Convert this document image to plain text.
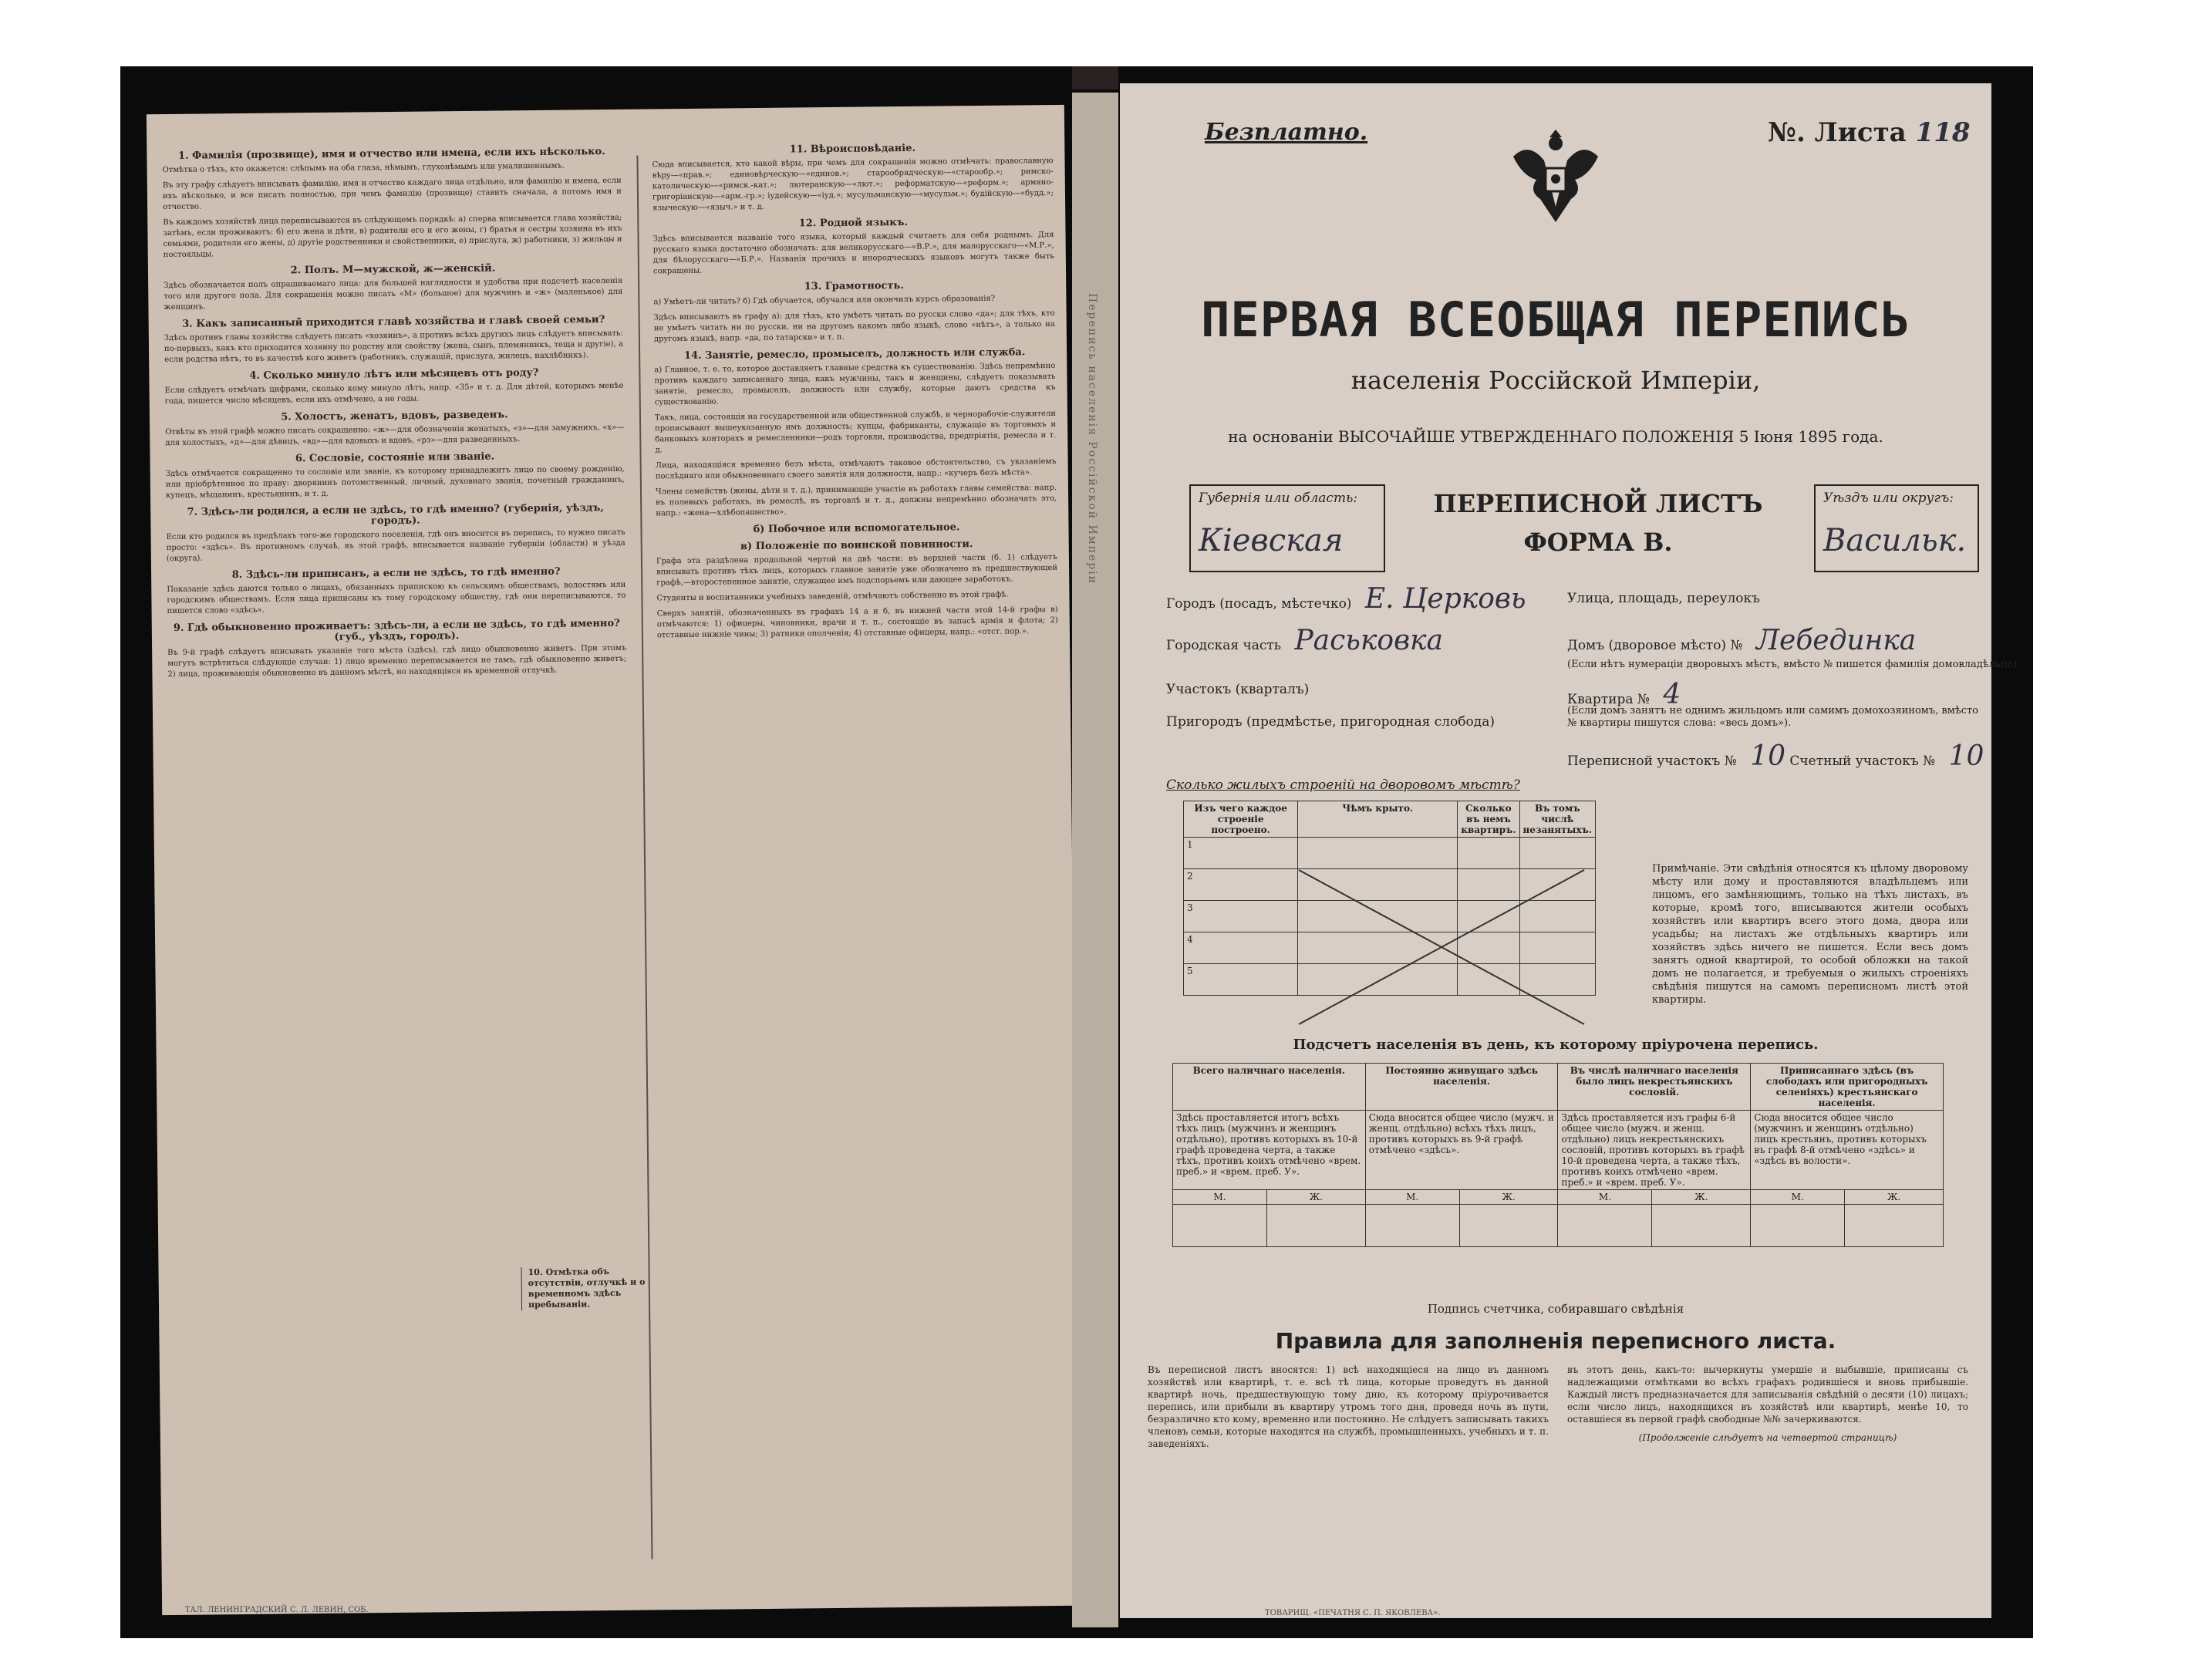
1. Фамилія (прозвище), имя и отчество или имена, если ихъ нѣсколько.

Отмѣтка о тѣхъ, кто окажется: слѣпымъ на оба глаза, нѣмымъ, глухонѣмымъ или умалишеннымъ.

Въ эту графу слѣдуетъ вписывать фамилію, имя и отчество каждаго лица отдѣльно, или фамилію и имена, если ихъ нѣсколько, и все писать полностью, при чемъ фамилію (прозвище) ставить сначала, а потомъ имя и отчество.

Въ каждомъ хозяйствѣ лица переписываются въ слѣдующемъ порядкѣ: а) сперва вписывается глава хозяйства; затѣмъ, если проживаютъ: б) его жена и дѣти, в) родители его и его жены, г) братья и сестры хозяина въ ихъ семьями, родители его жены, д) другіе родственники и свойственники, е) прислуга, ж) работники, з) жильцы и постояльцы.

2. Полъ. М—мужской, ж—женскій.

Здѣсь обозначается полъ опрашиваемаго лица: для большей наглядности и удобства при подсчетѣ населенія того или другого пола. Для сокращенія можно писать «М» (большое) для мужчинъ и «ж» (маленькое) для женщинъ.

3. Какъ записанный приходится главѣ хозяйства и главѣ своей семьи?

Здѣсь противъ главы хозяйства слѣдуетъ писать «хозяинъ», а противъ всѣхъ другихъ лицъ слѣдуетъ вписывать: по-первыхъ, какъ кто приходится хозяину по родству или свойству (жена, сынъ, племянникъ, теща и другіе), а если родства нѣтъ, то въ качествѣ кого живетъ (работникъ, служащій, прислуга, жилецъ, нахлѣбникъ).

4. Сколько минуло лѣтъ или мѣсяцевъ отъ роду?

Если слѣдуетъ отмѣчать цифрами, сколько кому минуло лѣтъ, напр. «35» и т. д. Для дѣтей, которымъ менѣе года, пишется число мѣсяцевъ, если ихъ отмѣчено, а не годы.

5. Холостъ, женатъ, вдовъ, разведенъ.

Отвѣты въ этой графѣ можно писать сокращенно: «ж»—для обозначенія женатыхъ, «з»—для замужнихъ, «х»—для холостыхъ, «д»—для дѣвицъ, «вд»—для вдовыхъ и вдовъ, «рз»—для разведенныхъ.

6. Сословіе, состояніе или званіе.

Здѣсь отмѣчается сокращенно то сословіе или званіе, къ которому принадлежитъ лицо по своему рожденію, или пріобрѣтенное по праву: дворянинъ потомственный, личный, духовнаго званія, почетный гражданинъ, купецъ, мѣщанинъ, крестьянинъ, и т. д.

7. Здѣсь-ли родился, а если не здѣсь, то гдѣ именно? (губернія, уѣздъ, городъ).

Если кто родился въ предѣлахъ того-же городского поселенія, гдѣ онъ вносится въ перепись, то нужно писать просто: «здѣсь». Въ противномъ случаѣ, въ этой графѣ, вписывается названіе губерніи (области) и уѣзда (округа).

8. Здѣсь-ли приписанъ, а если не здѣсь, то гдѣ именно?

Показаніе здѣсь даются только о лицахъ, обязанныхъ припискою къ сельскимъ обществамъ, волостямъ или городскимъ обществамъ. Если лица приписаны къ тому городскому обществу, гдѣ они переписываются, то пишется слово «здѣсь».

9. Гдѣ обыкновенно проживаетъ: здѣсь-ли, а если не здѣсь, то гдѣ именно? (губ., уѣздъ, городъ).

Въ 9-й графѣ слѣдуетъ вписывать указаніе того мѣста (здѣсь), гдѣ лицо обыкновенно живетъ. При этомъ могутъ встрѣтиться слѣдующіе случаи: 1) лицо временно переписывается не тамъ, гдѣ обыкновенно живетъ; 2) лица, проживающія обыкновенно въ данномъ мѣстѣ, но находящіяся въ временной отлучкѣ.

11. Вѣроисповѣданіе.

Сюда вписывается, кто какой вѣры, при чемъ для сокращенія можно отмѣчать: православную вѣру—«прав.»; единовѣрческую—«единов.»; старообрядческую—«старообр.»; римско-католическую—«римск.-кат.»; лютеранскую—«лют.»; реформатскую—«реформ.»; армяно-григоріанскую—«арм.-гр.»; іудейскую—«іуд.»; мусульманскую—«мусульм.»; будійскую—«будд.»; языческую—«языч.» и т. д.

12. Родной языкъ.

Здѣсь вписывается названіе того языка, который каждый считаетъ для себя роднымъ. Для русскаго языка достаточно обозначать: для великорусскаго—«В.Р.», для малорусскаго—«М.Р.», для бѣлорусскаго—«Б.Р.». Названія прочихъ и инородческихъ языковъ могутъ также быть сокращены.

13. Грамотность.

а) Умѣетъ-ли читать? б) Гдѣ обучается, обучался или окончилъ курсъ образованія?

Здѣсь вписываютъ въ графу а): для тѣхъ, кто умѣетъ читать по русски слово «да»; для тѣхъ, кто не умѣетъ читать ни по русски, ни на другомъ какомъ либо языкѣ, слово «нѣтъ», а только на другомъ языкѣ, напр. «да, по татарски» и т. п.

14. Занятіе, ремесло, промыселъ, должность или служба.

а) Главное, т. е. то, которое доставляетъ главные средства къ существованію. Здѣсь непремѣнно противъ каждаго записаннаго лица, какъ мужчины, такъ и женщины, слѣдуетъ показывать занятіе, ремесло, промыселъ, должность или службу, которые даютъ средства къ существованію.

Такъ, лица, состоящія на государственной или общественной службѣ, и чернорабочіе-служители прописывают вышеуказанную имъ должность; купцы, фабриканты, служащіе въ торговыхъ и банковыхъ конторахъ и ремесленники—родъ торговли, производства, предпріятія, ремесла и т. д.

Лица, находящіяся временно безъ мѣста, отмѣчаютъ таковое обстоятельство, съ указаніемъ послѣдняго или обыкновеннаго своего занятія или должности, напр.: «кучеръ безъ мѣста».

Члены семействъ (жены, дѣти и т. д.), принимающіе участіе въ работахъ главы семейства: напр. въ полевыхъ работахъ, въ ремеслѣ, въ торговлѣ и т. д., должны непремѣнно обозначать это, напр.: «жена—хлѣбопашество».

б) Побочное или вспомогательное.
в) Положеніе по воинской повинности.

Графа эта раздѣлена продольной чертой на двѣ части: въ верхней части (б. 1) слѣдуетъ вписывать противъ тѣхъ лицъ, которыхъ главное занятіе уже обозначено въ предшествующей графѣ,—второстепенное занятіе, служащее имъ подспорьемъ или дающее заработокъ.

Студенты и воспитанники учебныхъ заведеній, отмѣчаютъ собственно въ этой графѣ.

Сверхъ занятій, обозначенныхъ въ графахъ 14 а и б, въ нижней части этой 14-й графы в) отмѣчаются: 1) офицеры, чиновники, врачи и т. п., состоящіе въ запасѣ армія и флота; 2) отставные нижніе чины; 3) ратники ополченія; 4) отставные офицеры, напр.: «отст. пор.».

10. Отмѣтка объ отсутствіи, отлучкѣ и о временномъ здѣсь пребываніи.
ТАЛ. ЛЕНИНГРАДСКИЙ С. Л. ЛЕВИН, СОБ.
Перепись населенія Россійской Имперіи
Безплатно.	№. Листа 118
ПЕРВАЯ ВСЕОБЩАЯ ПЕРЕПИСЬ
населенія Россійской Имперіи,
на основаніи ВЫСОЧАЙШЕ УТВЕРЖДЕННАГО ПОЛОЖЕНІЯ 5 Іюня 1895 года.
Губернія или область:
Кіевская
ПЕРЕПИСНОЙ ЛИСТЪ
ФОРМА В.
Уѣздъ или округъ:
Васильк.
Городъ (посадъ, мѣстечко) Е. Церковь	Улица, площадь, переулокъ
Городская часть Раськовка	Домъ (дворовое мѣсто) № Лебединка
(Если нѣтъ нумераціи дворовыхъ мѣстъ, вмѣсто № пишется фамилія домовладѣльца).
Участокъ (кварталъ)
Квартира № 4
(Если домъ занятъ не однимъ жильцомъ или самимъ домохозяиномъ, вмѣсто
№ квартиры пишутся слова: «весь домъ»).
Пригородъ (предмѣстье, пригородная слобода)
Переписной участокъ № 10 Счетный участокъ № 10
Сколько жилыхъ строеній на дворовомъ мѣстѣ?
Изъ чего каждое строеніе построено.	Чѣмъ крыто.	Сколько въ немъ квартиръ.	Въ томъ числѣ незанятыхъ.
1			
2			
3			
4			
5			
Примѣчаніе. Эти свѣдѣнія относятся къ цѣлому дворовому мѣсту или дому и проставляются владѣльцемъ или лицомъ, его замѣняющимъ, только на тѣхъ листахъ, въ которые, кромѣ того, вписываются жители особыхъ хозяйствъ или квартиръ всего этого дома, двора или усадьбы; на листахъ же отдѣльныхъ квартиръ или хозяйствъ здѣсь ничего не пишется. Если весь домъ занятъ одной квартирой, то особой обложки на такой домъ не полагается, и требуемыя о жилыхъ строеніяхъ свѣдѣнія пишутся на самомъ переписномъ листѣ этой квартиры.
Подсчетъ населенія въ день, къ которому пріурочена перепись.
Всего наличнаго населенія.		Постоянно живущаго здѣсь населенія.		Въ числѣ наличнаго населенія было лицъ некрестьянскихъ сословій.		Приписаннаго здѣсь (въ слободахъ или пригородныхъ селеніяхъ) крестьянскаго населенія.	
Здѣсь проставляется итогъ всѣхъ тѣхъ лицъ (мужчинъ и женщинъ отдѣльно), противъ которыхъ въ 10-й графѣ проведена черта, а также тѣхъ, противъ коихъ отмѣчено «врем. преб.» и «врем. преб. У».		Сюда вносится общее число (мужч. и женщ. отдѣльно) всѣхъ тѣхъ лицъ, противъ которыхъ въ 9-й графѣ отмѣчено «здѣсь».		Здѣсь проставляется изъ графы 6-й общее число (мужч. и женщ. отдѣльно) лицъ некрестьянскихъ сословій, противъ которыхъ въ графѣ 10-й проведена черта, а также тѣхъ, противъ коихъ отмѣчено «врем. преб.» и «врем. преб. У».		Сюда вносится общее число (мужчинъ и женщинъ отдѣльно) лицъ крестьянъ, противъ которыхъ въ графѣ 8-й отмѣчено «здѣсь» и «здѣсь въ волости».	
М.	Ж.	М.	Ж.	М.	Ж.	М.	Ж.

Подпись счетчика, собиравшаго свѣдѣнія
Правила для заполненія переписного листа.
Въ переписной листъ вносятся: 1) всѣ находящіеся на лицо въ данномъ хозяйствѣ или квартирѣ, т. е. всѣ тѣ лица, которые проведутъ въ данной квартирѣ ночь, предшествующую тому дню, къ которому пріурочивается перепись, или прибыли въ квартиру утромъ того дня, проведя ночь въ пути, безразлично кто кому, временно или постоянно. Не слѣдуетъ записывать такихъ членовъ семьи, которые находятся на службѣ, промышленныхъ, учебныхъ и т. п. заведеніяхъ.
въ этотъ день, какъ-то: вычеркнуты умершіе и выбывшіе, приписаны съ надлежащими отмѣтками во всѣхъ графахъ родившіеся и вновь прибывшіе. Каждый листъ предназначается для записыванія свѣдѣній о десяти (10) лицахъ; если число лицъ, находящихся въ хозяйствѣ или квартирѣ, менѣе 10, то оставшіеся въ первой графѣ свободные №№ зачеркиваются.
(Продолженіе слѣдуетъ на четвертой страницѣ)
ТОВАРИЩ. «ПЕЧАТНЯ С. П. ЯКОВЛЕВА».
